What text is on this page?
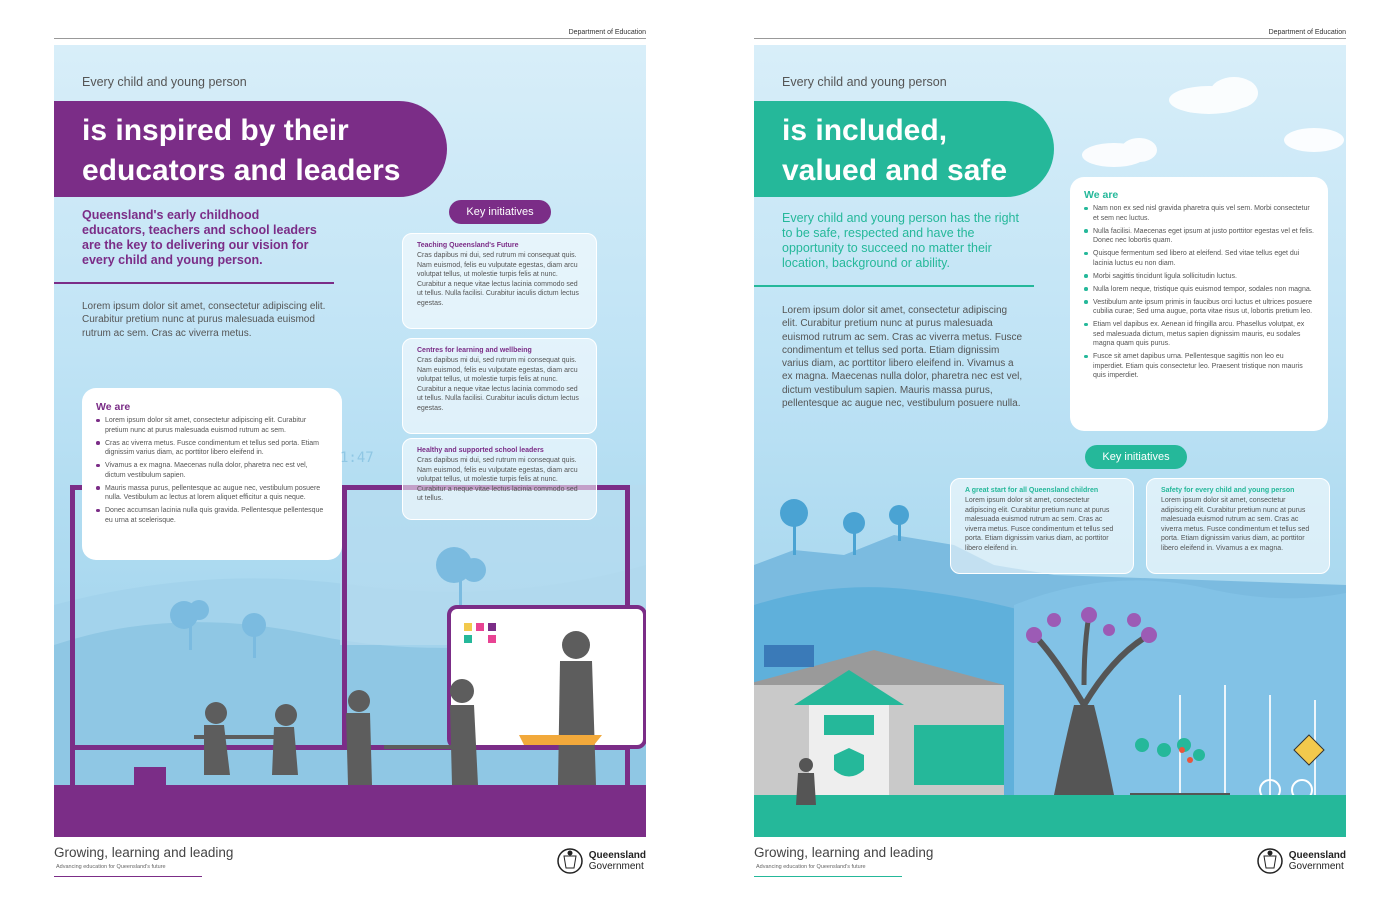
Department of Education
Every child and young person
is inspired by their
educators and leaders
Queensland's early childhood educators, teachers and school leaders are the key to delivering our vision for every child and young person.
Lorem ipsum dolor sit amet, consectetur adipiscing elit. Curabitur pretium nunc at purus malesuada euismod rutrum ac sem. Cras ac viverra metus.
We are
Lorem ipsum dolor sit amet, consectetur adipiscing elit. Curabitur pretium nunc at purus malesuada euismod rutrum ac sem.
Cras ac viverra metus. Fusce condimentum et tellus sed porta. Etiam dignissim varius diam, ac porttitor libero eleifend in.
Vivamus a ex magna. Maecenas nulla dolor, pharetra nec est vel, dictum vestibulum sapien.
Mauris massa purus, pellentesque ac augue nec, vestibulum posuere nulla. Vestibulum ac lectus at lorem aliquet efficitur a quis neque.
Donec accumsan lacinia nulla quis gravida. Pellentesque pellentesque eu urna at scelerisque.
Key initiatives
Teaching Queensland's Future
Cras dapibus mi dui, sed rutrum mi consequat quis. Nam euismod, felis eu vulputate egestas, diam arcu volutpat tellus, ut molestie turpis felis at nunc. Curabitur a neque vitae lectus lacinia commodo sed ut tellus. Nulla facilisi. Curabitur iaculis dictum lectus egestas.
Centres for learning and wellbeing
Cras dapibus mi dui, sed rutrum mi consequat quis. Nam euismod, felis eu vulputate egestas, diam arcu volutpat tellus, ut molestie turpis felis at nunc. Curabitur a neque vitae lectus lacinia commodo sed ut tellus. Nulla facilisi. Curabitur iaculis dictum lectus egestas.
Healthy and supported school leaders
Cras dapibus mi dui, sed rutrum mi consequat quis. Nam euismod, felis eu vulputate egestas, diam arcu volutpat tellus, ut molestie turpis felis at nunc. Curabitur a neque vitae lectus lacinia commodo sed ut tellus.
1:47
Growing, learning and leading
Advancing education for Queensland's future
Queensland
Government
Department of Education
Every child and young person
is included,
valued and safe
Every child and young person has the right to be safe, respected and have the opportunity to succeed no matter their location, background or ability.
Lorem ipsum dolor sit amet, consectetur adipiscing elit. Curabitur pretium nunc at purus malesuada euismod rutrum ac sem. Cras ac viverra metus. Fusce condimentum et tellus sed porta. Etiam dignissim varius diam, ac porttitor libero eleifend in. Vivamus a ex magna. Maecenas nulla dolor, pharetra nec est vel, dictum vestibulum sapien. Mauris massa purus, pellentesque ac augue nec, vestibulum posuere nulla.
We are
Nam non ex sed nisl gravida pharetra quis vel sem. Morbi consectetur et sem nec luctus.
Nulla facilisi. Maecenas eget ipsum at justo porttitor egestas vel et felis. Donec nec lobortis quam.
Quisque fermentum sed libero at eleifend. Sed vitae tellus eget dui lacinia luctus eu non diam.
Morbi sagittis tincidunt ligula sollicitudin luctus.
Nulla lorem neque, tristique quis euismod tempor, sodales non magna.
Vestibulum ante ipsum primis in faucibus orci luctus et ultrices posuere cubilia curae; Sed urna augue, porta vitae risus ut, lobortis pretium leo.
Etiam vel dapibus ex. Aenean id fringilla arcu. Phasellus volutpat, ex sed malesuada dictum, metus sapien dignissim mauris, eu sodales magna quam quis purus.
Fusce sit amet dapibus urna. Pellentesque sagittis non leo eu imperdiet. Etiam quis consectetur leo. Praesent tristique non mauris quis imperdiet.
Key initiatives
A great start for all Queensland children
Lorem ipsum dolor sit amet, consectetur adipiscing elit. Curabitur pretium nunc at purus malesuada euismod rutrum ac sem. Cras ac viverra metus. Fusce condimentum et tellus sed porta. Etiam dignissim varius diam, ac porttitor libero eleifend in.
Safety for every child and young person
Lorem ipsum dolor sit amet, consectetur adipiscing elit. Curabitur pretium nunc at purus malesuada euismod rutrum ac sem. Cras ac viverra metus. Fusce condimentum et tellus sed porta. Etiam dignissim varius diam, ac porttitor libero eleifend in. Vivamus a ex magna.
Growing, learning and leading
Advancing education for Queensland's future
Queensland
Government
